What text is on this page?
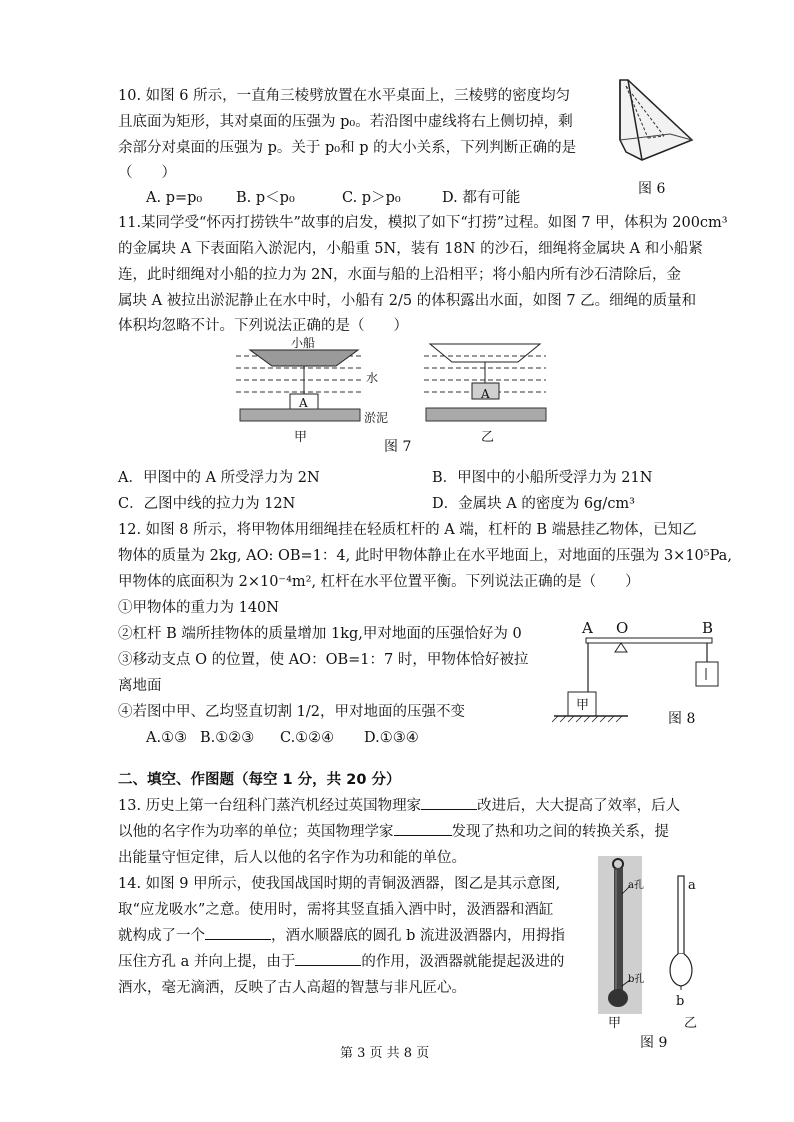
10. 如图 6 所示，一直角三棱劈放置在水平桌面上，三棱劈的密度均匀
且底面为矩形，其对桌面的压强为 p₀。若沿图中虚线将右上侧切掉，剩
余部分对桌面的压强为 p。关于 p₀和 p 的大小关系，下列判断正确的是
（　　）
A. p=p₀ B. p＜p₀	C. p＞p₀	D. 都有可能
图 6
11.某同学受“怀丙打捞铁牛”故事的启发，模拟了如下“打捞”过程。如图 7 甲，体积为 200cm³
的金属块 A 下表面陷入淤泥内，小船重 5N，装有 18N 的沙石，细绳将金属块 A 和小船紧
连，此时细绳对小船的拉力为 2N，水面与船的上沿相平；将小船内所有沙石清除后，金
属块 A 被拉出淤泥静止在水中时，小船有 2/5 的体积露出水面，如图 7 乙。细绳的质量和
体积均忽略不计。下列说法正确的是（　　）
小船
水
淤泥
A
甲
A
乙
图 7
A．甲图中的 A 所受浮力为 2N	B．甲图中的小船所受浮力为 21N
C．乙图中线的拉力为 12N	D．金属块 A 的密度为 6g/cm³
12. 如图 8 所示，将甲物体用细绳挂在轻质杠杆的 A 端，杠杆的 B 端悬挂乙物体，已知乙
物体的质量为 2kg, AO: OB=1：4, 此时甲物体静止在水平地面上，对地面的压强为 3×10⁵Pa,
甲物体的底面积为 2×10⁻⁴m², 杠杆在水平位置平衡。下列说法正确的是（　　）
①甲物体的重力为 140N
②杠杆 B 端所挂物体的质量增加 1kg,甲对地面的压强恰好为 0
③移动支点 O 的位置，使 AO：OB=1：7 时，甲物体恰好被拉
离地面
④若图中甲、乙均竖直切割 1/2，甲对地面的压强不变
A.①③ B.①②③ C.①②④ D.①③④
A O	B
甲
图 8
二、填空、作图题（每空 1 分，共 20 分）
13. 历史上第一台纽科门蒸汽机经过英国物理家	改进后，大大提高了效率，后人
以他的名字作为功率的单位；英国物理学家	发现了热和功之间的转换关系，提
出能量守恒定律，后人以他的名字作为功和能的单位。
14. 如图 9 甲所示，使我国战国时期的青铜汲酒器，图乙是其示意图,
取“应龙吸水”之意。使用时，需将其竖直插入酒中时，汲酒器和酒缸
就构成了一个	，酒水顺器底的圆孔 b 流进汲酒器内，用拇指
压住方孔 a 并向上提，由于	的作用，汲酒器就能提起汲进的
酒水，毫无滴洒，反映了古人高超的智慧与非凡匠心。
a孔
b孔
甲
a
b
乙
图 9
第 3 页 共 8 页
